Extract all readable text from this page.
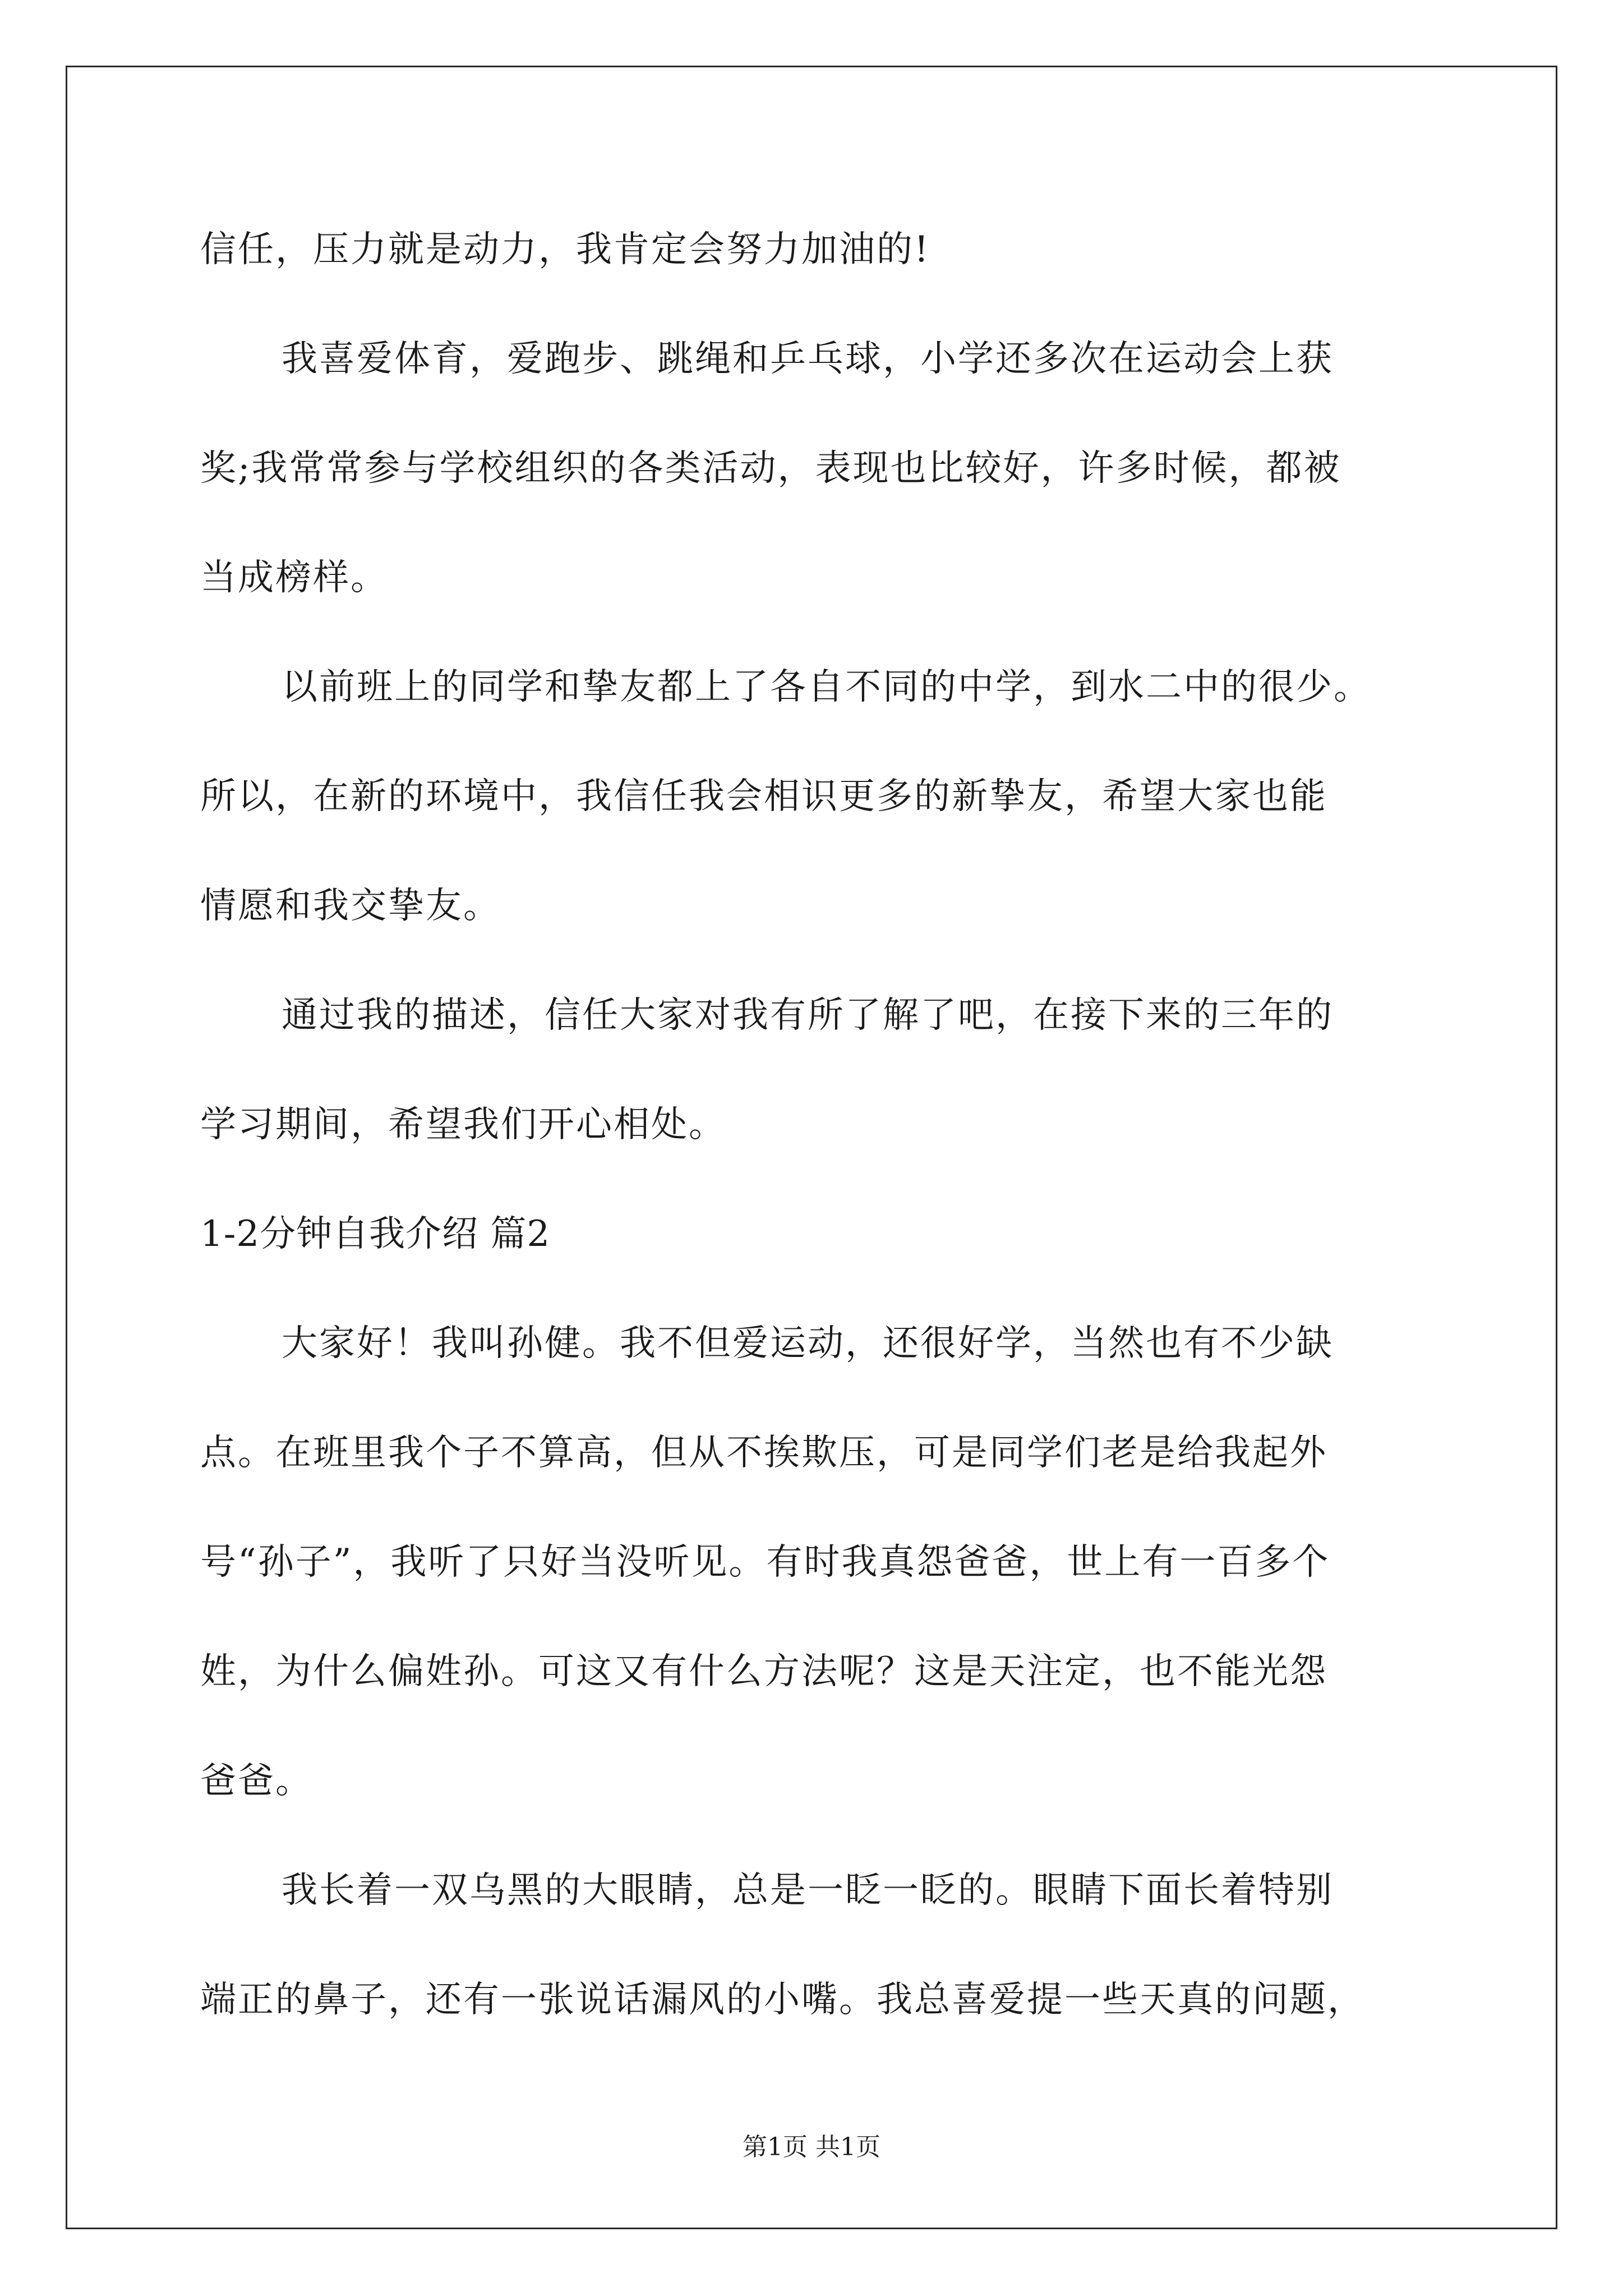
信任，压力就是动力，我肯定会努力加油的!
我喜爱体育，爱跑步、跳绳和乒乓球，小学还多次在运动会上获
奖;我常常参与学校组织的各类活动，表现也比较好，许多时候，都被
当成榜样。
以前班上的同学和挚友都上了各自不同的中学，到水二中的很少。
所以，在新的环境中，我信任我会相识更多的新挚友，希望大家也能
情愿和我交挚友。
通过我的描述，信任大家对我有所了解了吧，在接下来的三年的
学习期间，希望我们开心相处。
1-2分钟自我介绍 篇2
大家好！我叫孙健。我不但爱运动，还很好学，当然也有不少缺
点。在班里我个子不算高，但从不挨欺压，可是同学们老是给我起外
号“孙子”，我听了只好当没听见。有时我真怨爸爸，世上有一百多个
姓，为什么偏姓孙。可这又有什么方法呢？这是天注定，也不能光怨
爸爸。
我长着一双乌黑的大眼睛，总是一眨一眨的。眼睛下面长着特别
端正的鼻子，还有一张说话漏风的小嘴。我总喜爱提一些天真的问题，
第1页 共1页
